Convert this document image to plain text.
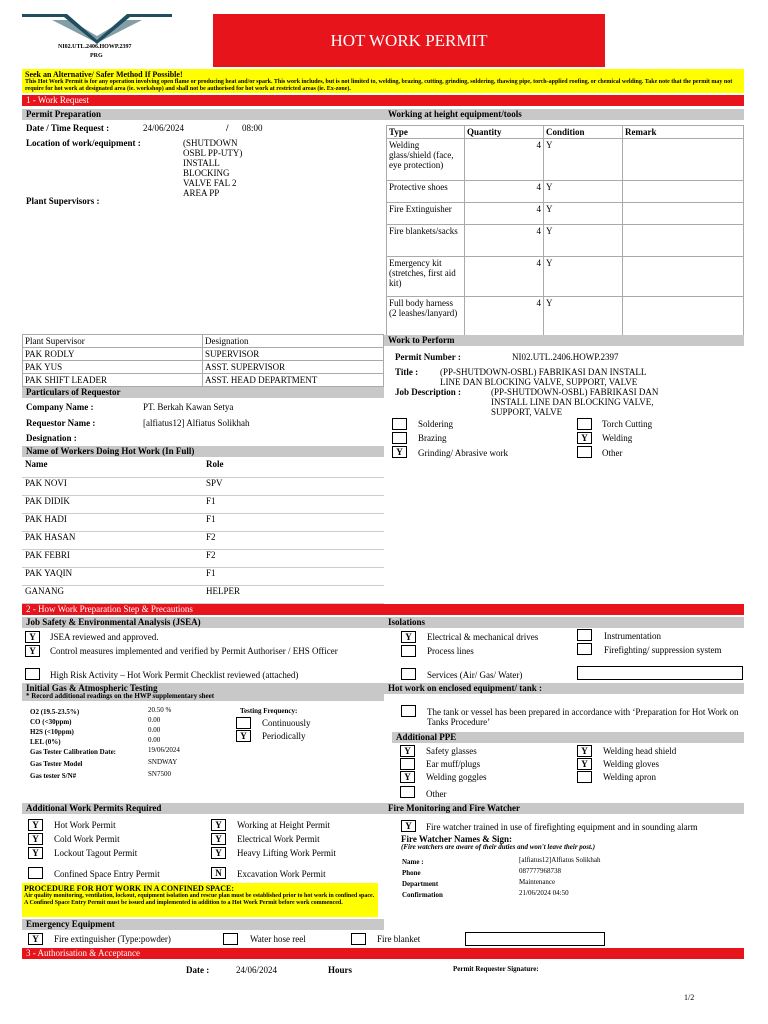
NI02.UTL.2406.HOWP.2397
PRG
HOT WORK PERMIT
Seek an Alternative/ Safer Method If Possible!
This Hot Work Permit is for any operation involving open flame or producing heat and/or spark. This work includes, but is not limited to, welding, brazing, cutting, grinding, soldering, thawing pipe, torch-applied roofing, or chemical welding. Take note that the permit may not require for hot work at designated area (ie. workshop) and shall not be authorised for hot work at restricted areas (ie. Ex-zone).
1 - Work Request
Permit Preparation	Working at height equipment/tools
Date / Time Request :	24/06/2024	/ 08:00
Location of work/equipment :	(SHUTDOWN
OSBL PP-UTY)
INSTALL
BLOCKING
VALVE FAL 2
AREA PP
Plant Supervisors :
Type	Quantity	Condition	Remark
Welding glass/shield (face, eye protection)	4	Y	
Protective shoes	4	Y	
Fire Extinguisher	4	Y	
Fire blankets/sacks	4	Y	
Emergency kit (stretches, first aid kit)	4	Y	
Full body harness (2 leashes/lanyard)	4	Y	
Plant Supervisor	Designation
PAK RODLY	SUPERVISOR
PAK YUS	ASST. SUPERVISOR
PAK SHIFT LEADER	ASST. HEAD DEPARTMENT
Particulars of Requestor
Company Name :	PT. Berkah Kawan Setya
Requestor Name :	[alfiatus12] Alfiatus Solikhah
Designation :
Work to Perform
Permit Number :	NI02.UTL.2406.HOWP.2397
Title : (PP-SHUTDOWN-OSBL) FABRIKASI DAN INSTALL
LINE DAN BLOCKING VALVE, SUPPORT, VALVE
Job Description :	(PP-SHUTDOWN-OSBL) FABRIKASI DAN
INSTALL LINE DAN BLOCKING VALVE,
SUPPORT, VALVE
Soldering	Torch Cutting
Brazing	Y	Welding
Y	Grinding/ Abrasive work	Other
Name of Workers Doing Hot Work (In Full)
Name	Role
PAK NOVI	SPV
PAK DIDIK	F1
PAK HADI	F1
PAK HASAN	F2
PAK FEBRI	F2
PAK YAQIN	F1
GANANG	HELPER
2 - How Work Preparation Step & Precautions
Job Safety & Environmental Analysis (JSEA)	Isolations
Y	JSEA reviewed and approved.
Y	Control measures implemented and verified by Permit Authoriser / EHS Officer
High Risk Activity – Hot Work Permit Checklist reviewed (attached)
Y	Electrical & mechanical drives	Instrumentation
Process lines	Firefighting/ suppression system
Services (Air/ Gas/ Water)
Initial Gas & Atmospheric Testing
* Record additional readings on the HWP supplementary sheet
O2 (19.5-23.5%)	20.50 %
CO (<30ppm)	0.00
H2S (<10ppm)	0.00
LEL (0%)	0.00
Gas Tester Calibration Date:	19/06/2024
Gas Tester Model	SNDWAY
Gas tester S/N#	SN7500
Testing Frequency:
Continuously
Y	Periodically
Hot work on enclosed equipment/ tank :
The tank or vessel has been prepared in accordance with ‘Preparation for Hot Work on Tanks Procedure’
Additional PPE
Y	Safety glasses	Y	Welding head shield
Ear muff/plugs	Y	Welding gloves
Y	Welding goggles	Welding apron
Other
Additional Work Permits Required
Y	Hot Work Permit	Y	Working at Height Permit
Y	Cold Work Permit	Y	Electrical Work Permit
Y	Lockout Tagout Permit	Y	Heavy Lifting Work Permit
Confined Space Entry Permit	N	Excavation Work Permit
PROCEDURE FOR HOT WORK IN A CONFINED SPACE:
Air quality monitoring, ventilation, lockout, equipment isolation and rescue plan must be established prior to hot work in confined space. A Confined Space Entry Permit must be issued and implemented in addition to a Hot Work Permit before work commenced.
Fire Monitoring and Fire Watcher
Y	Fire watcher trained in use of firefighting equipment and in sounding alarm
Fire Watcher Names & Sign:
(Fire watchers are aware of their duties and won't leave their post.)
Name :	[alfiatus12]Alfiatus Solikhah
Phone	087777968738
Department	Maintenance
Confirmation	21/06/2024 04:50
Emergency Equipment
Y	Fire extinguisher (Type:powder)	Water hose reel	Fire blanket
3 - Authorisation & Acceptance
Date :	24/06/2024	Hours	Permit Requester Signature:
1/2
